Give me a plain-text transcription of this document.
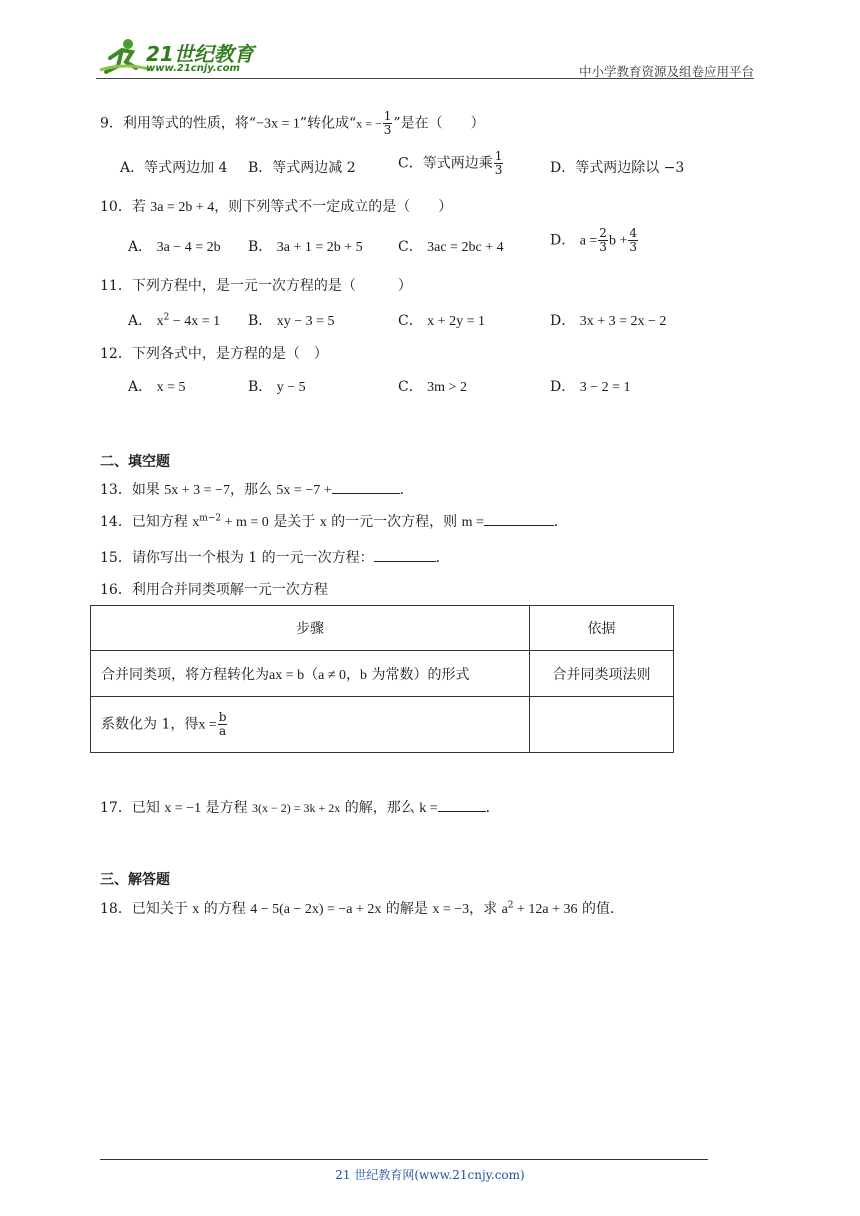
21世纪教育
www.21cnjy.com	中小学教育资源及组卷应用平台
9．利用等式的性质，将“−3x = 1”转化成“x = − $\frac{1}{3}$ ”是在（　　）
A．等式两边加 4 B．等式两边减 2	C．等式两边乘 $\frac{1}{3}$	D．等式两边除以 −3
10．若 3a = 2b + 4，则下列等式不一定成立的是（　　）
A． 3a − 4 = 2b B． 3a + 1 = 2b + 5	C． 3ac = 2bc + 4	D． $a = \frac{2}{3}$ $b + \frac{4}{3}$
11．下列方程中，是一元一次方程的是（　　　）
A． $x^2 - 4x = 1$ B． xy − 3 = 5	C． x + 2y = 1	D． 3x + 3 = 2x − 2
12．下列各式中，是方程的是（　）
A． x = 5	B． y − 5	C． 3m > 2	D． 3 − 2 = 1
二、填空题
13．如果 5x + 3 = −7，那么 5x = −7 +	．
14．已知方程 $x^{m-2} + m = 0$ 是关于 x 的一元一次方程，则 m =	．
15．请你写出一个根为 1 的一元一次方程：	．
16．利用合并同类项解一元一次方程
步骤	依据
合并同类项，将方程转化为ax = b（a ≠ 0，b 为常数）的形式	合并同类项法则
系数化为 1，得$x = \frac{b}{a}$

17．已知 x = −1 是方程 3(x − 2) = 3k + 2x 的解，那么 k =	．
三、解答题
18．已知关于 x 的方程 4 − 5(a − 2x) = −a + 2x 的解是 x = −3，求 $a^2 + 12a + 36$ 的值．
21 世纪教育网(www.21cnjy.com)
